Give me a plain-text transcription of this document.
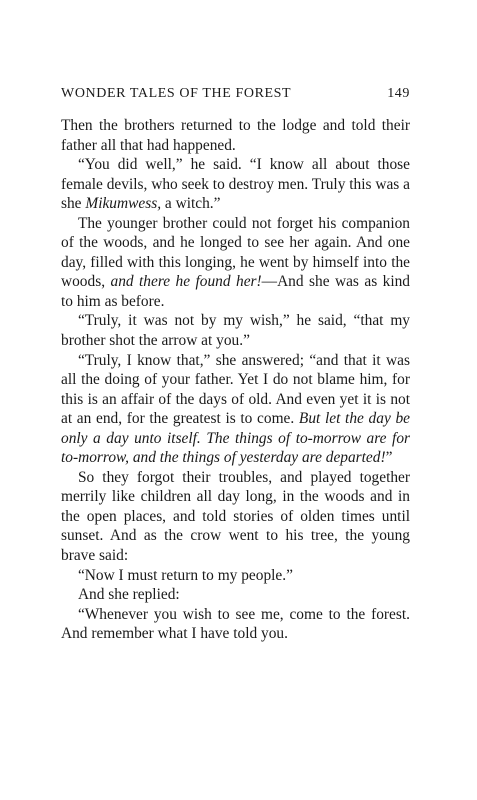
WONDER TALES OF THE FOREST	149

Then the brothers returned to the lodge and told their father all that had happened.

“You did well,” he said. “I know all about those female devils, who seek to destroy men. Truly this was a she Mikumwess, a witch.”

The younger brother could not forget his companion of the woods, and he longed to see her again. And one day, filled with this longing, he went by himself into the woods, and there he found her!—And she was as kind to him as before.

“Truly, it was not by my wish,” he said, “that my brother shot the arrow at you.”

“Truly, I know that,” she answered; “and that it was all the doing of your father. Yet I do not blame him, for this is an affair of the days of old. And even yet it is not at an end, for the greatest is to come. But let the day be only a day unto itself. The things of to-morrow are for to-morrow, and the things of yesterday are departed!”

So they forgot their troubles, and played together merrily like children all day long, in the woods and in the open places, and told stories of olden times until sunset. And as the crow went to his tree, the young brave said:

“Now I must return to my people.”

And she replied:

“Whenever you wish to see me, come to the forest. And remember what I have told you.
